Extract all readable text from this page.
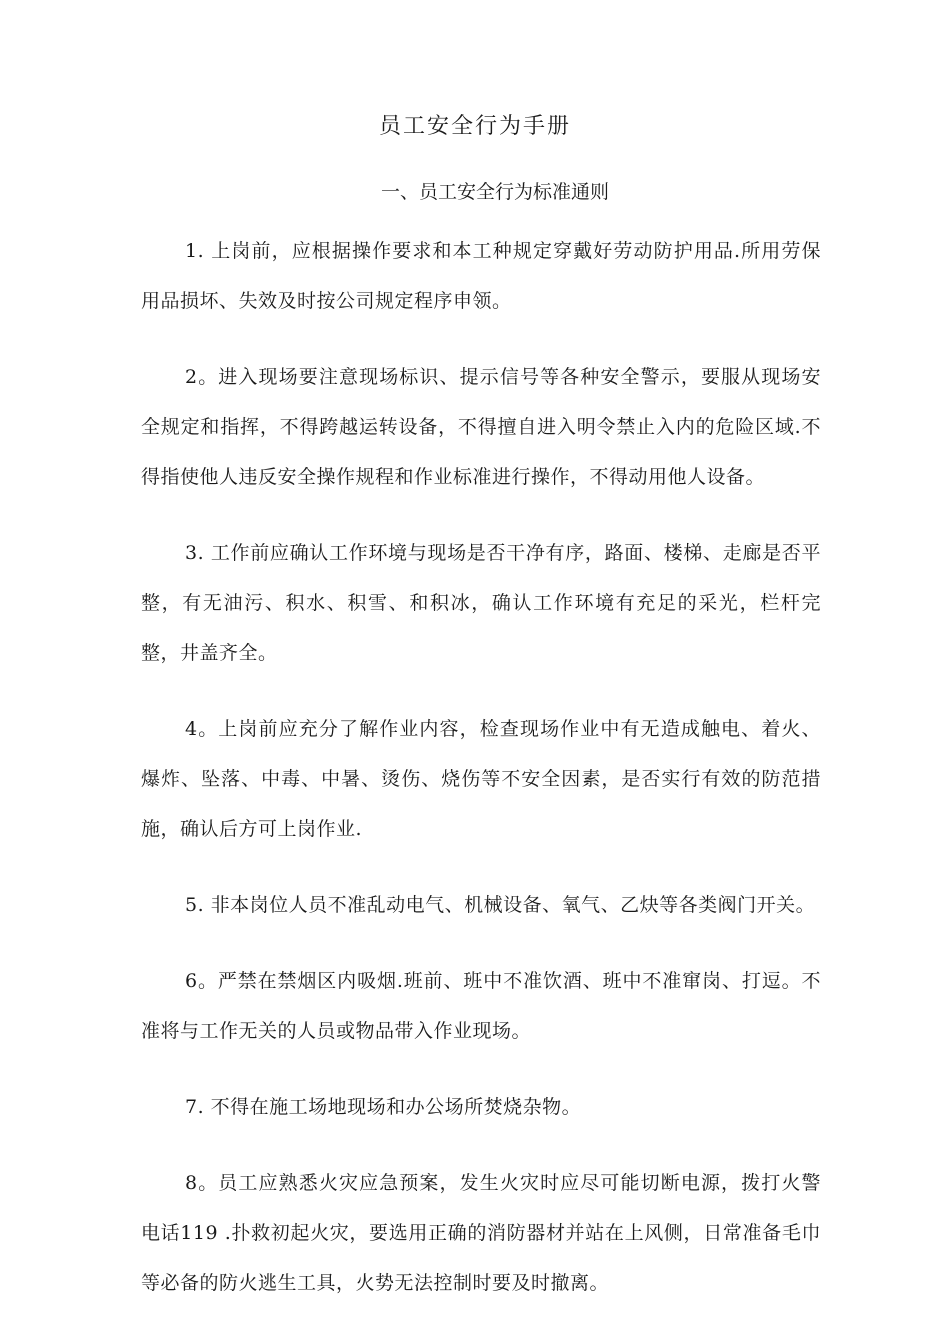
员工安全行为手册
一、员工安全行为标准通则

1. 上岗前，应根据操作要求和本工种规定穿戴好劳动防护用品.所用劳保用品损坏、失效及时按公司规定程序申领。

2。进入现场要注意现场标识、提示信号等各种安全警示，要服从现场安全规定和指挥，不得跨越运转设备，不得擅自进入明令禁止入内的危险区域.不得指使他人违反安全操作规程和作业标准进行操作，不得动用他人设备。

3. 工作前应确认工作环境与现场是否干净有序，路面、楼梯、走廊是否平整，有无油污、积水、积雪、和积冰，确认工作环境有充足的采光，栏杆完整，井盖齐全。

4。上岗前应充分了解作业内容，检查现场作业中有无造成触电、着火、爆炸、坠落、中毒、中暑、烫伤、烧伤等不安全因素，是否实行有效的防范措施，确认后方可上岗作业.

5. 非本岗位人员不准乱动电气、机械设备、氧气、乙炔等各类阀门开关。

6。严禁在禁烟区内吸烟.班前、班中不准饮酒、班中不准窜岗、打逗。不准将与工作无关的人员或物品带入作业现场。

7. 不得在施工场地现场和办公场所焚烧杂物。

8。员工应熟悉火灾应急预案，发生火灾时应尽可能切断电源，拨打火警电话119 .扑救初起火灾，要选用正确的消防器材并站在上风侧，日常准备毛巾等必备的防火逃生工具，火势无法控制时要及时撤离。
